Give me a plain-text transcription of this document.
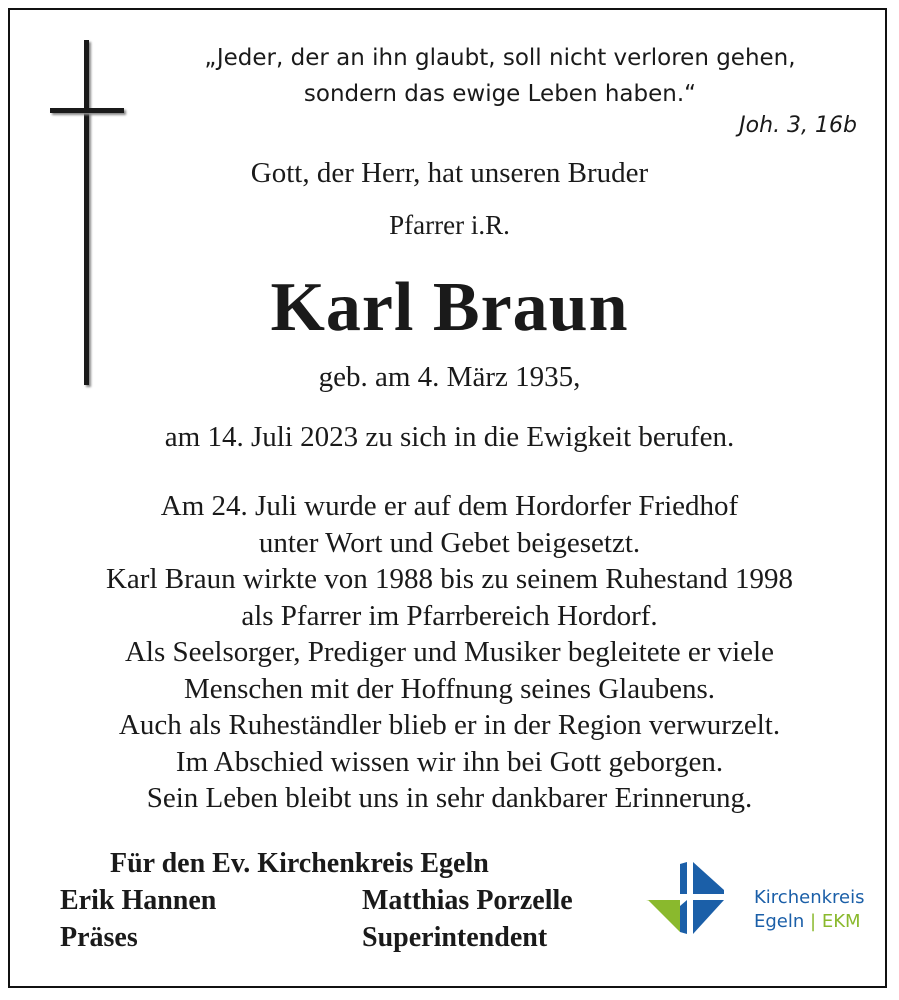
„Jeder, der an ihn glaubt, soll nicht verloren gehen,
sondern das ewige Leben haben.“
Joh. 3, 16b
Gott, der Herr, hat unseren Bruder
Pfarrer i.R.
Karl Braun
geb. am 4. März 1935,
am 14. Juli 2023 zu sich in die Ewigkeit berufen.
Am 24. Juli wurde er auf dem Hordorfer Friedhof
unter Wort und Gebet beigesetzt.
Karl Braun wirkte von 1988 bis zu seinem Ruhestand 1998
als Pfarrer im Pfarrbereich Hordorf.
Als Seelsorger, Prediger und Musiker begleitete er viele
Menschen mit der Hoffnung seines Glaubens.
Auch als Ruheständler blieb er in der Region verwurzelt.
Im Abschied wissen wir ihn bei Gott geborgen.
Sein Leben bleibt uns in sehr dankbarer Erinnerung.
Für den Ev. Kirchenkreis Egeln
Erik Hannen
Präses
Matthias Porzelle
Superintendent
Kirchenkreis
Egeln | EKM
